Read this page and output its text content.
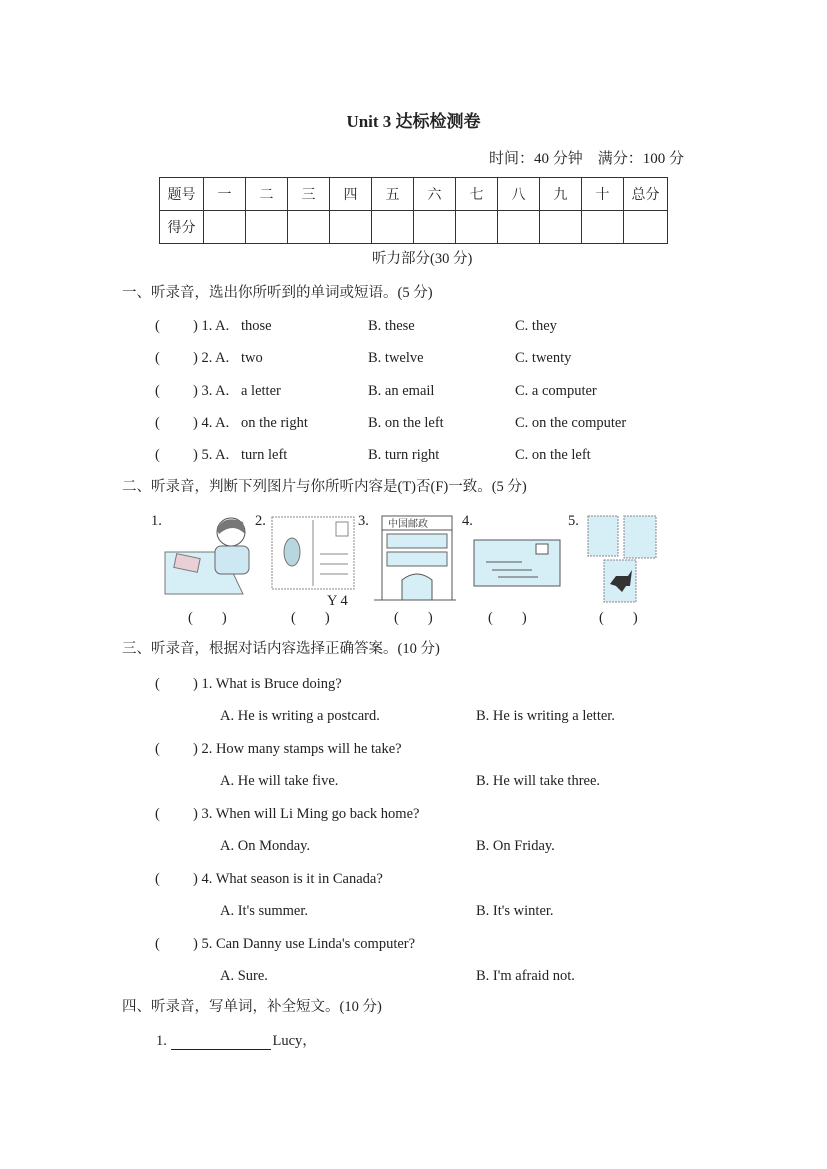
Unit 3 达标检测卷
时间：40 分钟　满分：100 分
题号	一	二	三	四	五	六	七	八	九	十	总分
得分											
听力部分(30 分)
一、听录音，选出你所听到的单词或短语。(5 分)
( ) 1. A. those	B. these	C. they
( ) 2. A. two	B. twelve	C. twenty
( ) 3. A. a letter	B. an email	C. a computer
( ) 4. A. on the right	B. on the left	C. on the computer
( ) 5. A. turn left	B. turn right	C. on the left
二、听录音，判断下列图片与你所听内容是(T)否(F)一致。(5 分)
1.	2.	3.	4.	5.
Y 4
中国邮政
(　　)	(　　)	(　　)	(　　)	(　　)
三、听录音，根据对话内容选择正确答案。(10 分)
( ) 1. What is Bruce doing?
A. He is writing a postcard.	B. He is writing a letter.
( ) 2. How many stamps will he take?
A. He will take five.	B. He will take three.
( ) 3. When will Li Ming go back home?
A. On Monday.	B. On Friday.
( ) 4. What season is it in Canada?
A. It's summer.	B. It's winter.
( ) 5. Can Danny use Linda's computer?
A. Sure.	B. I'm afraid not.
四、听录音，写单词，补全短文。(10 分)
1.	Lucy，
